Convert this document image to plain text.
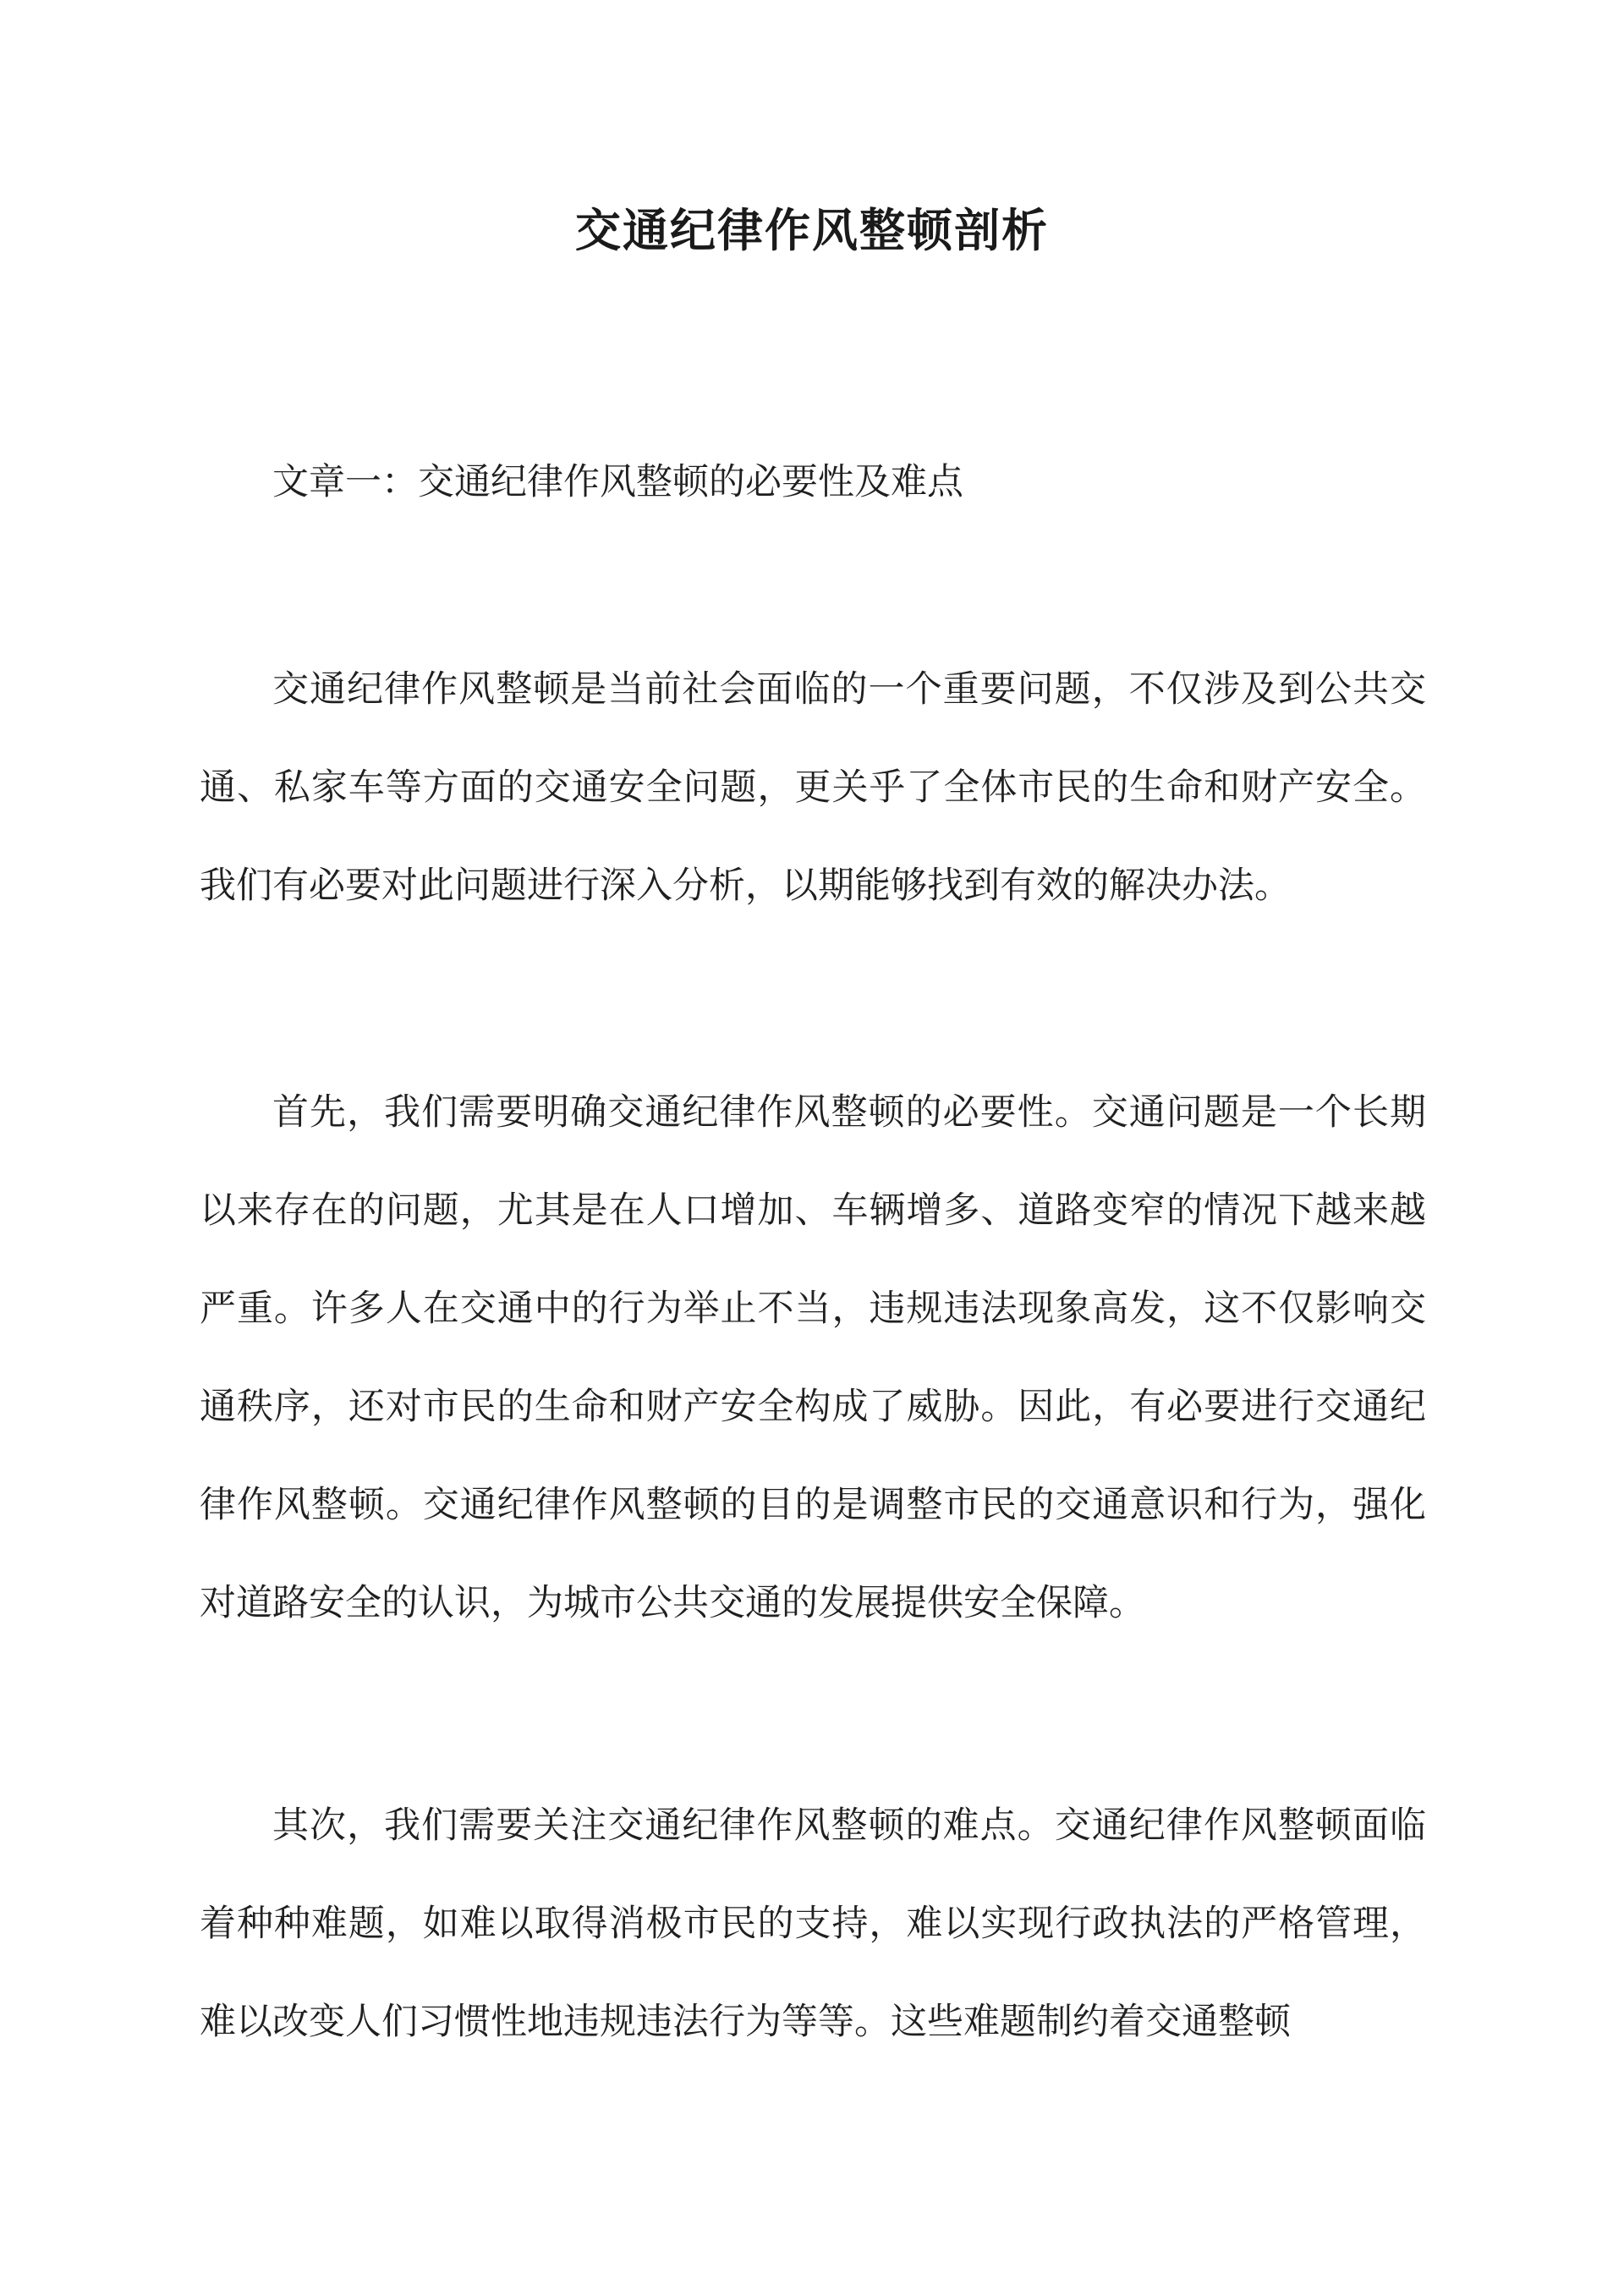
交通纪律作风整顿剖析

文章一：交通纪律作风整顿的必要性及难点

交通纪律作风整顿是当前社会面临的一个重要问题，不仅涉及到公共交通、私家车等方面的交通安全问题，更关乎了全体市民的生命和财产安全。我们有必要对此问题进行深入分析，以期能够找到有效的解决办法。

首先，我们需要明确交通纪律作风整顿的必要性。交通问题是一个长期以来存在的问题，尤其是在人口增加、车辆增多、道路变窄的情况下越来越严重。许多人在交通中的行为举止不当，违规违法现象高发，这不仅影响交通秩序，还对市民的生命和财产安全构成了威胁。因此，有必要进行交通纪律作风整顿。交通纪律作风整顿的目的是调整市民的交通意识和行为，强化对道路安全的认识，为城市公共交通的发展提供安全保障。

其次，我们需要关注交通纪律作风整顿的难点。交通纪律作风整顿面临着种种难题，如难以取得消极市民的支持，难以实现行政执法的严格管理，难以改变人们习惯性地违规违法行为等等。这些难题制约着交通整顿
